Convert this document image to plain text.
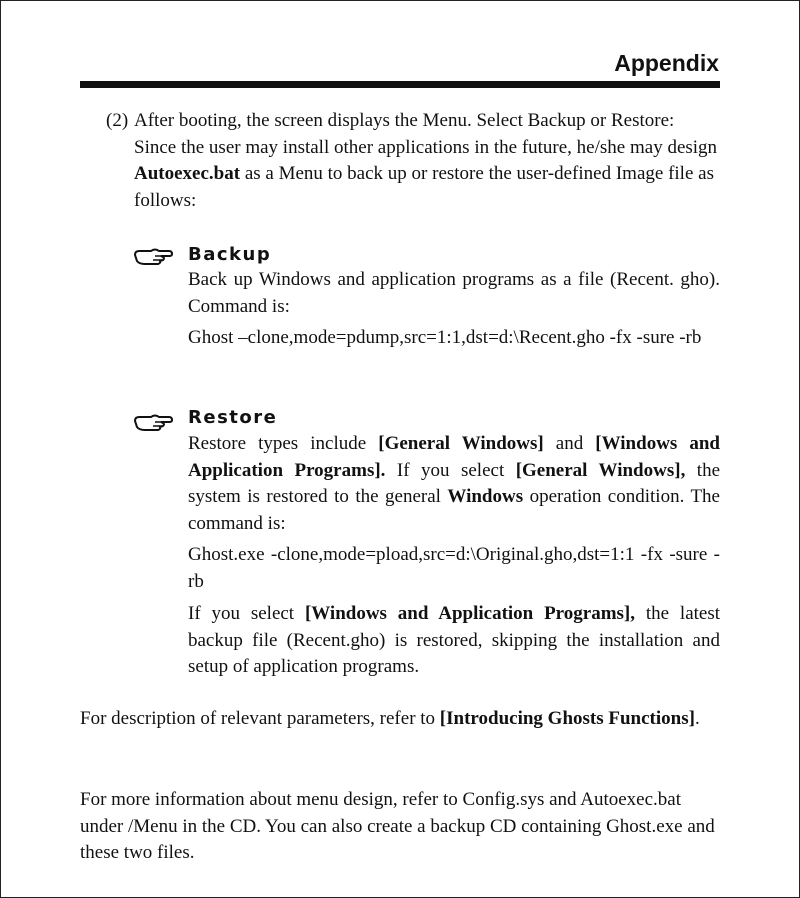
Appendix
(2) After booting, the screen displays the Menu. Select Backup or Restore: Since the user may install other applications in the future, he/she may design Autoexec.bat as a Menu to back up or restore the user-defined Image file as follows:
Backup
Back up Windows and application programs as a file (Recent. gho). Command is:
Ghost –clone,mode=pdump,src=1:1,dst=d:\Recent.gho -fx -sure -rb
Restore
Restore types include [General Windows] and [Windows and Application Programs]. If you select [General Windows], the system is restored to the general Windows operation condition. The command is:
Ghost.exe -clone,mode=pload,src=d:\Original.gho,dst=1:1 -fx -sure -rb
If you select [Windows and Application Programs], the latest backup file (Recent.gho) is restored, skipping the installation and setup of application programs.
For description of relevant parameters, refer to [Introducing Ghosts Functions].
For more information about menu design, refer to Config.sys and Autoexec.bat under /Menu in the CD. You can also create a backup CD containing Ghost.exe and these two files.
